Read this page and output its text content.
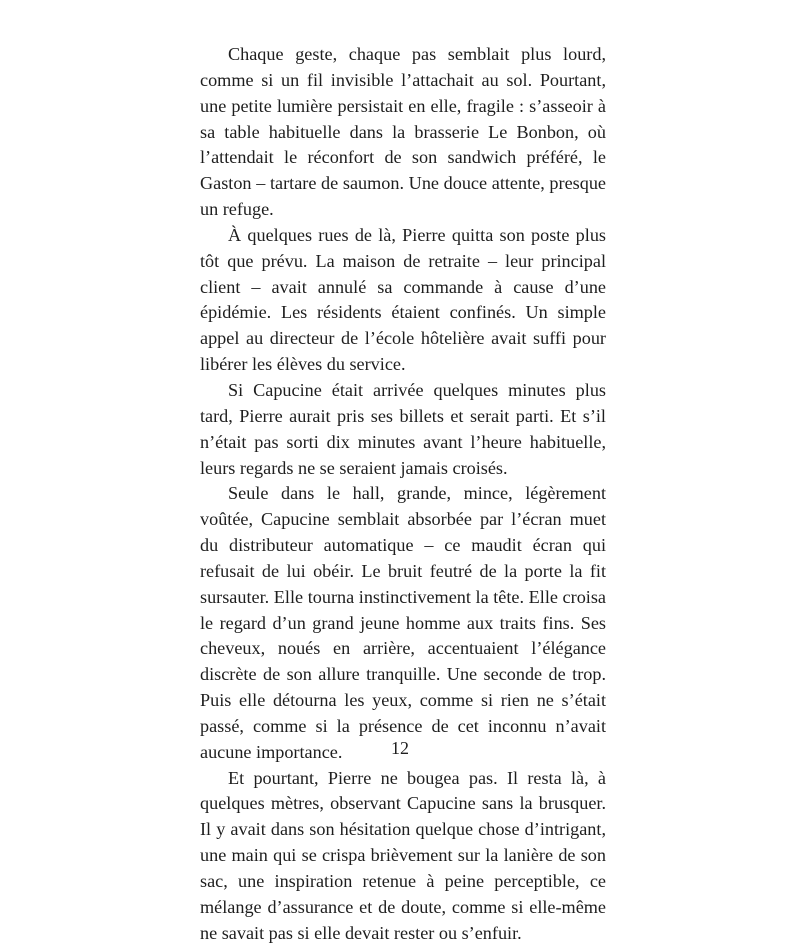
Chaque geste, chaque pas semblait plus lourd, comme si un fil invisible l’attachait au sol. Pourtant, une petite lumière persistait en elle, fragile : s’asseoir à sa table habituelle dans la brasserie Le Bonbon, où l’attendait le réconfort de son sandwich préféré, le Gaston – tartare de saumon. Une douce attente, presque un refuge.

À quelques rues de là, Pierre quitta son poste plus tôt que prévu. La maison de retraite – leur principal client – avait annulé sa commande à cause d’une épidémie. Les résidents étaient confinés. Un simple appel au directeur de l’école hôtelière avait suffi pour libérer les élèves du service.

Si Capucine était arrivée quelques minutes plus tard, Pierre aurait pris ses billets et serait parti. Et s’il n’était pas sorti dix minutes avant l’heure habituelle, leurs regards ne se seraient jamais croisés.

Seule dans le hall, grande, mince, légèrement voûtée, Capucine semblait absorbée par l’écran muet du distributeur automatique – ce maudit écran qui refusait de lui obéir. Le bruit feutré de la porte la fit sursauter. Elle tourna instinctivement la tête. Elle croisa le regard d’un grand jeune homme aux traits fins. Ses cheveux, noués en arrière, accentuaient l’élégance discrète de son allure tranquille. Une seconde de trop. Puis elle détourna les yeux, comme si rien ne s’était passé, comme si la présence de cet inconnu n’avait aucune importance.

Et pourtant, Pierre ne bougea pas. Il resta là, à quelques mètres, observant Capucine sans la brusquer. Il y avait dans son hésitation quelque chose d’intrigant, une main qui se crispa brièvement sur la lanière de son sac, une inspiration retenue à peine perceptible, ce mélange d’assurance et de doute, comme si elle-même ne savait pas si elle devait rester ou s’enfuir.

12
